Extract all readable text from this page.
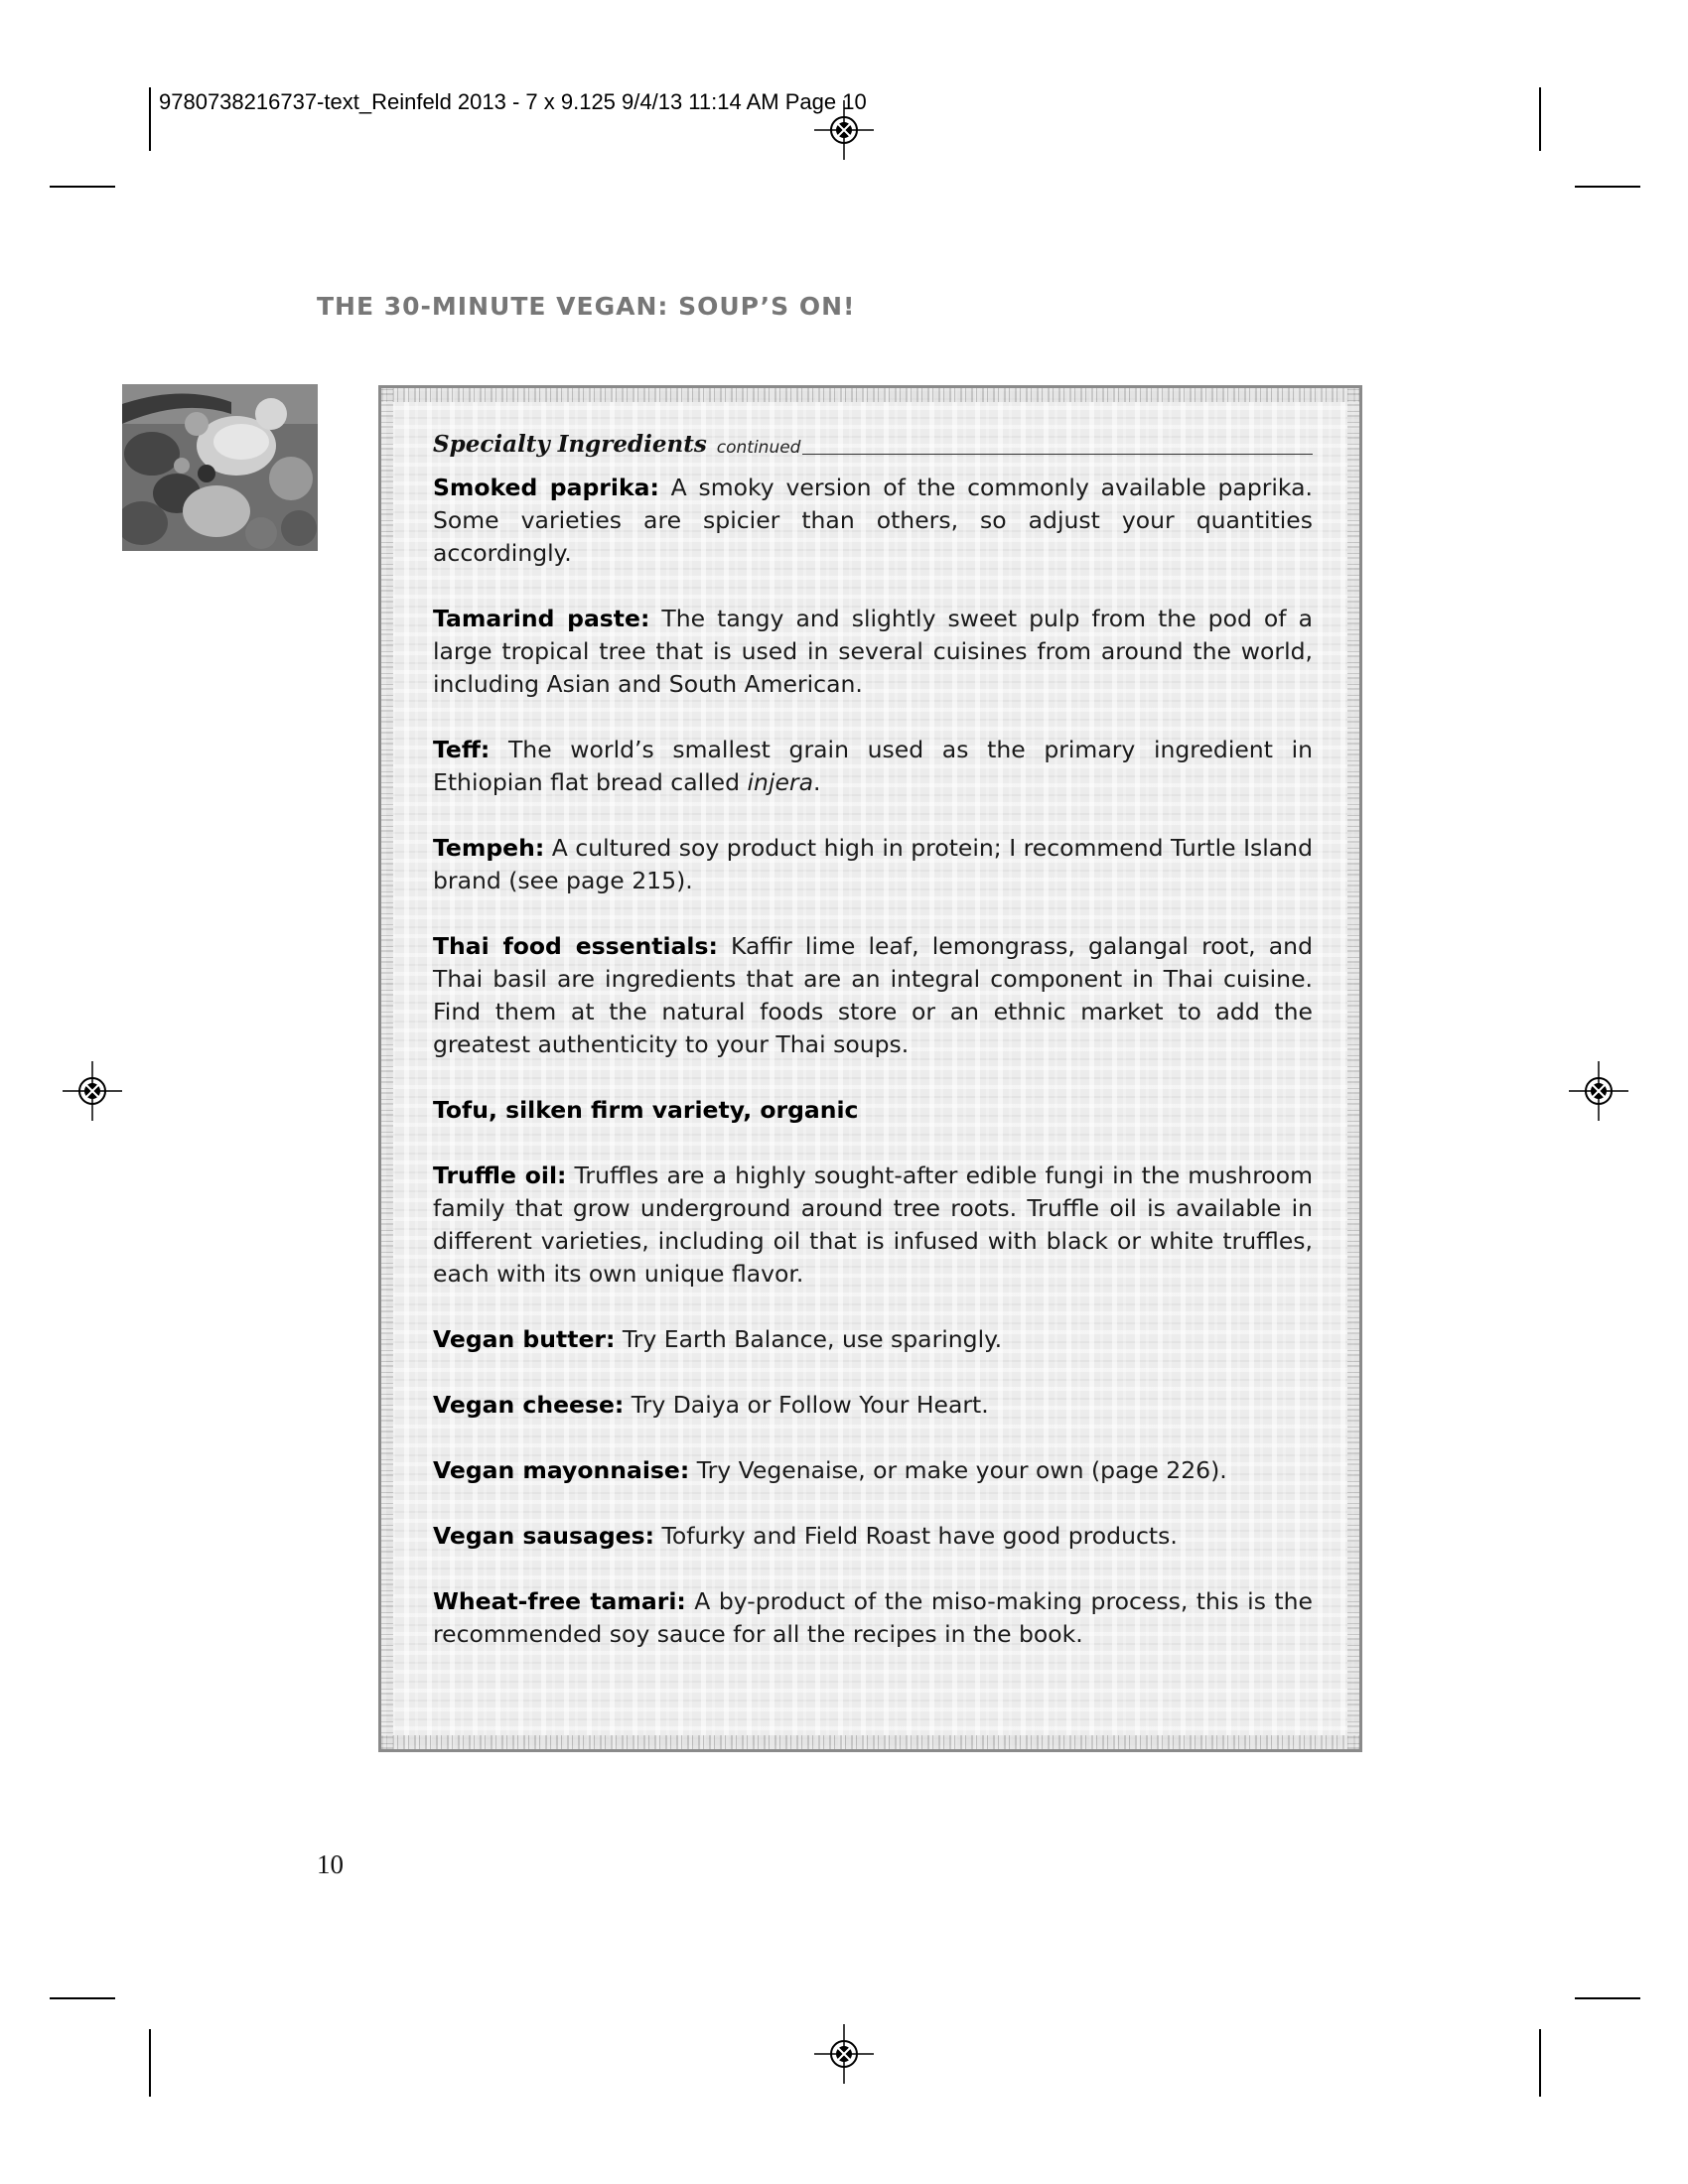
9780738216737-text_Reinfeld 2013 - 7 x 9.125 9/4/13 11:14 AM Page 10
THE 30-MINUTE VEGAN: SOUP’S ON!
Specialty Ingredients continued

Smoked paprika: A smoky version of the commonly available paprika. Some varieties are spicier than others, so adjust your quantities accordingly.

Tamarind paste: The tangy and slightly sweet pulp from the pod of a large tropical tree that is used in several cuisines from around the world, including Asian and South American.

Teff: The world’s smallest grain used as the primary ingredient in Ethiopian flat bread called injera.

Tempeh: A cultured soy product high in protein; I recommend Turtle Island brand (see page 215).

Thai food essentials: Kaffir lime leaf, lemongrass, galangal root, and Thai basil are ingredients that are an integral component in Thai cuisine. Find them at the natural foods store or an ethnic market to add the greatest authenticity to your Thai soups.

Tofu, silken firm variety, organic

Truffle oil: Truffles are a highly sought-after edible fungi in the mushroom family that grow underground around tree roots. Truffle oil is available in different varieties, including oil that is infused with black or white truffles, each with its own unique flavor.

Vegan butter: Try Earth Balance, use sparingly.

Vegan cheese: Try Daiya or Follow Your Heart.

Vegan mayonnaise: Try Vegenaise, or make your own (page 226).

Vegan sausages: Tofurky and Field Roast have good products.

Wheat-free tamari: A by-product of the miso-making process, this is the recommended soy sauce for all the recipes in the book.

10
